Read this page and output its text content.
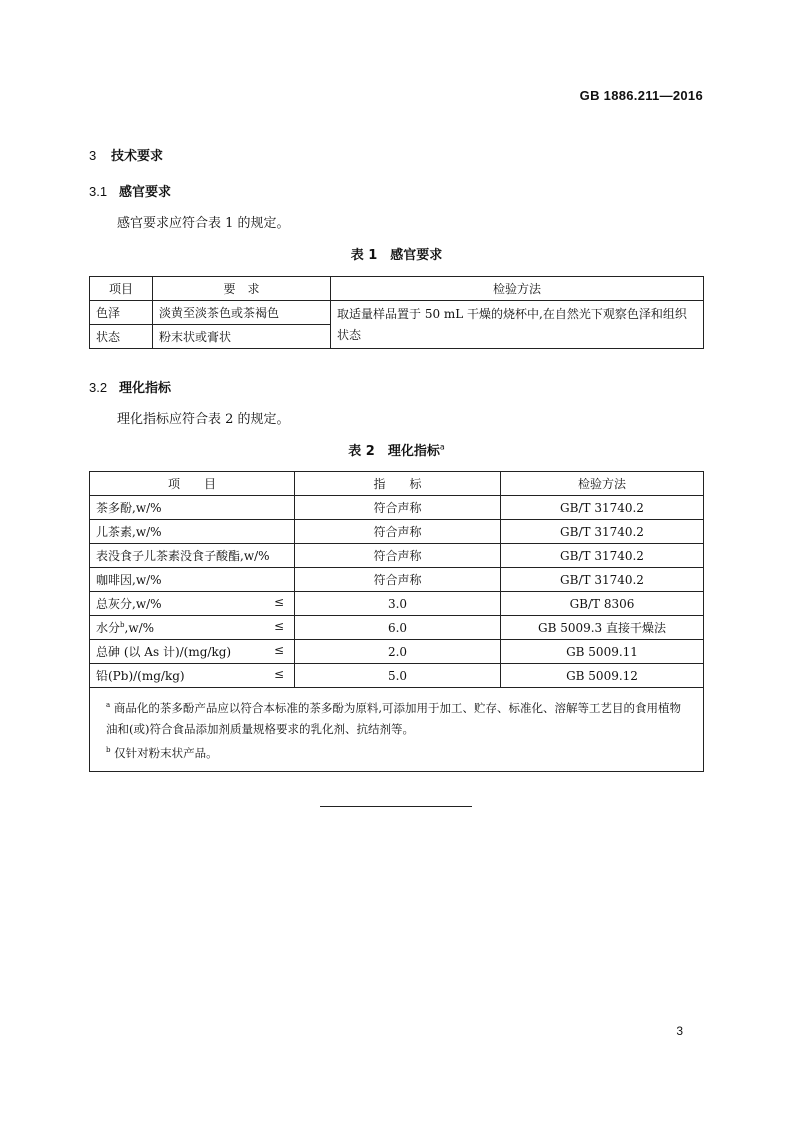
GB 1886.211—2016
3 技术要求
3.1 感官要求
感官要求应符合表 1 的规定。
表 1　感官要求
项目	要　求	检验方法
色泽	淡黄至淡茶色或茶褐色	取适量样品置于 50 mL 干燥的烧杯中,在自然光下观察色泽和组织状态
状态	粉末状或膏状	
3.2 理化指标
理化指标应符合表 2 的规定。
表 2　理化指标$^a$
项　　目	指　　标	检验方法
茶多酚,w/%	符合声称	GB/T 31740.2
儿茶素,w/%	符合声称	GB/T 31740.2
表没食子儿茶素没食子酸酯,w/%	符合声称	GB/T 31740.2
咖啡因,w/%	符合声称	GB/T 31740.2
总灰分,w/% ≤	3.0	GB/T 8306
水分$^b$,w/% ≤	6.0	GB 5009.3 直接干燥法
总砷 (以 As 计)/(mg/kg) ≤	2.0	GB 5009.11
铅(Pb)/(mg/kg) ≤	5.0	GB 5009.12

$^a$ 商品化的茶多酚产品应以符合本标准的茶多酚为原料,可添加用于加工、贮存、标准化、溶解等工艺目的食用植物油和(或)符合食品添加剂质量规格要求的乳化剂、抗结剂等。
$^b$ 仅针对粉末状产品。		
3
